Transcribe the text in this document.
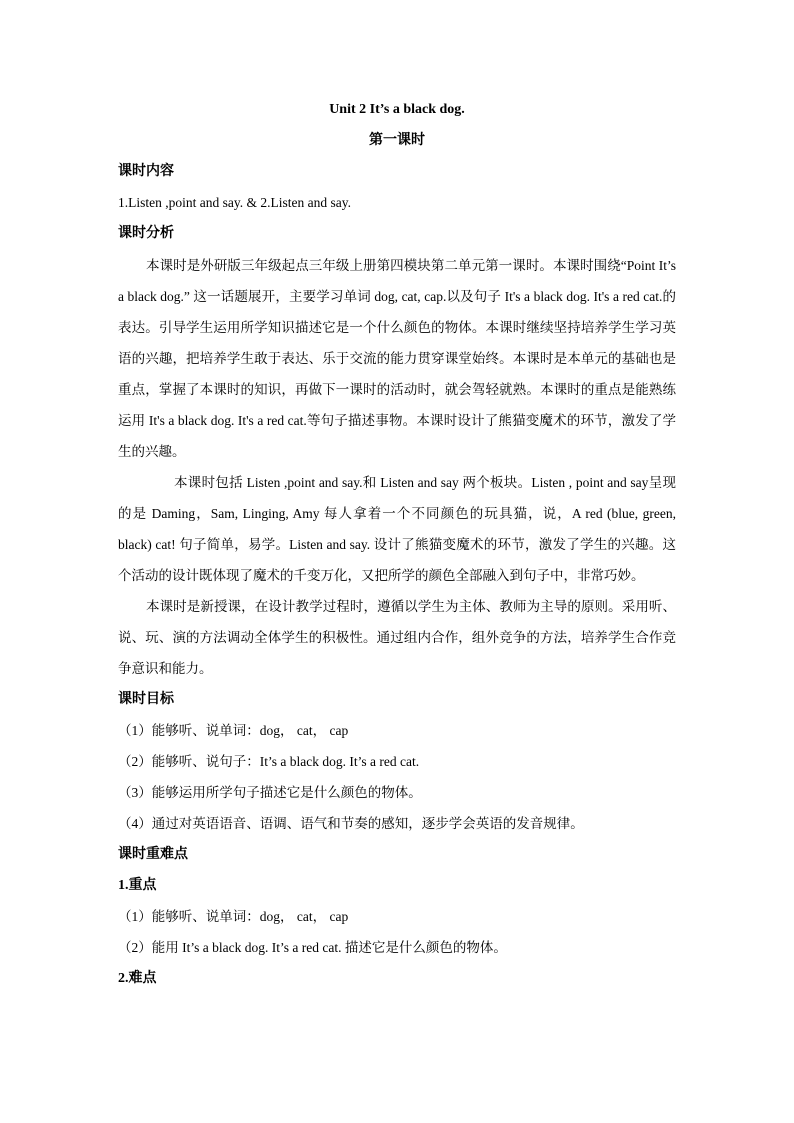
Unit 2 It’s a black dog.
第一课时
课时内容
1.Listen ,point and say. & 2.Listen and say.
课时分析

本课时是外研版三年级起点三年级上册第四模块第二单元第一课时。本课时围绕“Point It’s a black dog.” 这一话题展开，主要学习单词 dog, cat, cap.以及句子 It's a black dog. It's a red cat.的表达。引导学生运用所学知识描述它是一个什么颜色的物体。本课时继续坚持培养学生学习英语的兴趣，把培养学生敢于表达、乐于交流的能力贯穿课堂始终。本课时是本单元的基础也是重点，掌握了本课时的知识，再做下一课时的活动时，就会驾轻就熟。本课时的重点是能熟练运用 It's a black dog. It's a red cat.等句子描述事物。本课时设计了熊猫变魔术的环节，激发了学生的兴趣。

本课时包括 Listen ,point and say.和 Listen and say 两个板块。Listen , point and say呈现的是 Daming，Sam, Linging, Amy 每人拿着一个不同颜色的玩具猫，说，A red (blue, green, black) cat! 句子简单，易学。Listen and say. 设计了熊猫变魔术的环节，激发了学生的兴趣。这个活动的设计既体现了魔术的千变万化，又把所学的颜色全部融入到句子中，非常巧妙。

本课时是新授课，在设计教学过程时，遵循以学生为主体、教师为主导的原则。采用听、说、玩、演的方法调动全体学生的积极性。通过组内合作，组外竞争的方法，培养学生合作竞争意识和能力。

课时目标
（1）能够听、说单词：dog， cat， cap
（2）能够听、说句子：It’s a black dog. It’s a red cat.
（3）能够运用所学句子描述它是什么颜色的物体。
（4）通过对英语语音、语调、语气和节奏的感知，逐步学会英语的发音规律。
课时重难点
1.重点
（1）能够听、说单词：dog， cat， cap
（2）能用 It’s a black dog. It’s a red cat. 描述它是什么颜色的物体。
2.难点
